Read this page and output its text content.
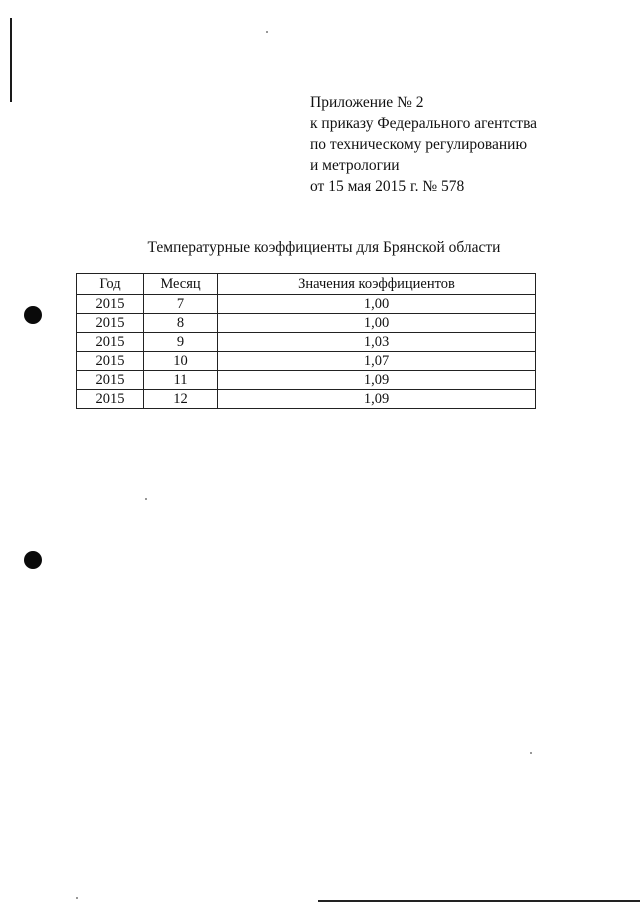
Приложение № 2
к приказу Федерального агентства
по техническому регулированию
и метрологии
от 15 мая 2015 г. № 578
Температурные коэффициенты для Брянской области
Год	Месяц	Значения коэффициентов
2015	7	1,00
2015	8	1,00
2015	9	1,03
2015	10	1,07
2015	11	1,09
2015	12	1,09
